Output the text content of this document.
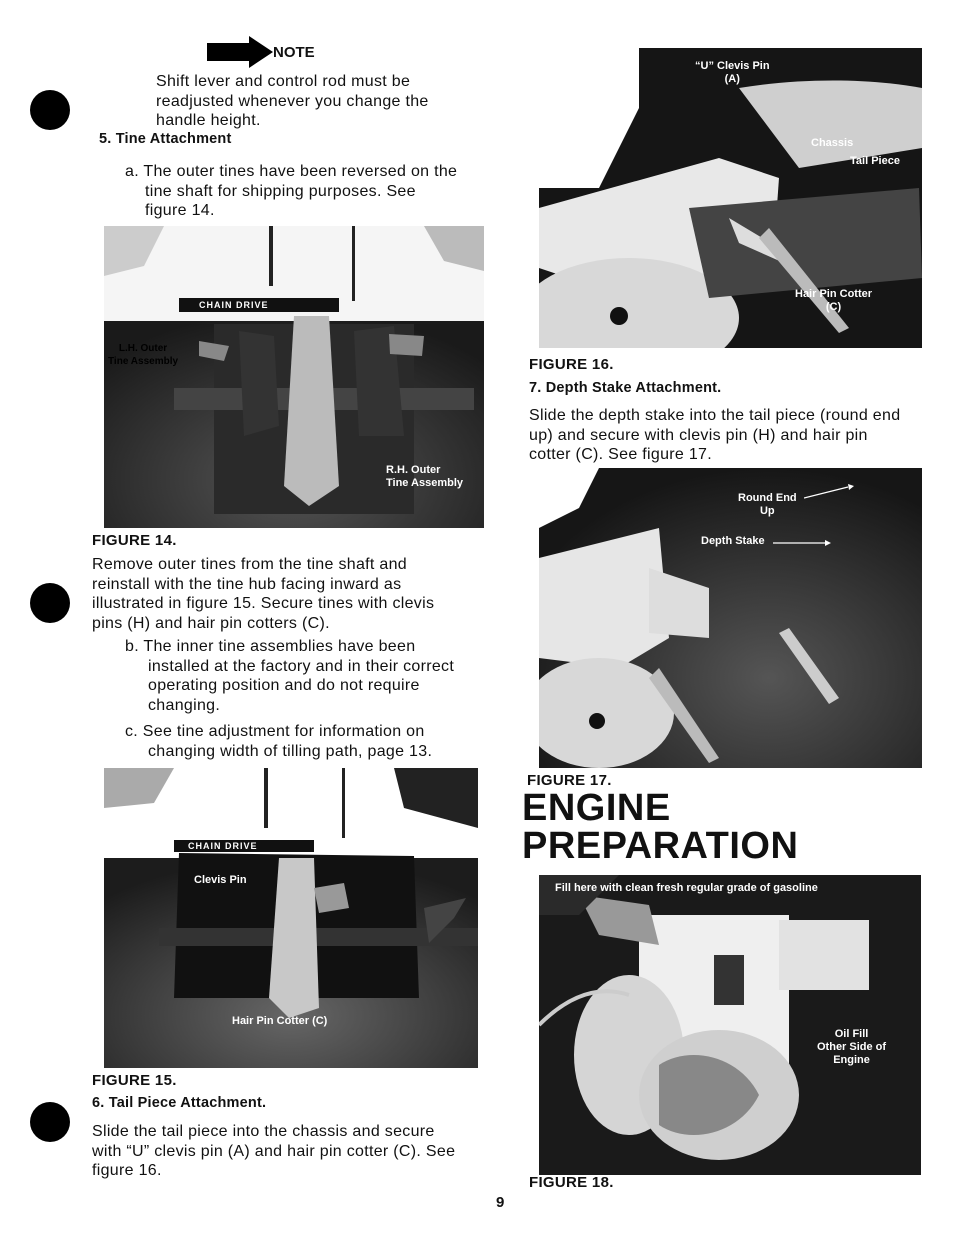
NOTE
Shift lever and control rod must be
readjusted whenever you change the
handle height.
5. Tine Attachment
a. The outer tines have been reversed on the
tine shaft for shipping purposes. See
figure 14.
CHAIN DRIVE
L.H. Outer
Tine Assembly
R.H. Outer
Tine Assembly
FIGURE 14.
Remove outer tines from the tine shaft and
reinstall with the tine hub facing inward as
illustrated in figure 15. Secure tines with clevis
pins (H) and hair pin cotters (C).
b. The inner tine assemblies have been
installed at the factory and in their correct
operating position and do not require
changing.
c. See tine adjustment for information on
changing width of tilling path, page 13.
CHAIN DRIVE
Clevis Pin
Hair Pin Cotter (C)
FIGURE 15.
6. Tail Piece Attachment.
Slide the tail piece into the chassis and secure
with “U” clevis pin (A) and hair pin cotter (C). See
figure 16.
“U” Clevis Pin
(A)
Chassis
Tail Piece
Hair Pin Cotter
(C)
FIGURE 16.
7. Depth Stake Attachment.
Slide the depth stake into the tail piece (round end
up) and secure with clevis pin (H) and hair pin
cotter (C). See figure 17.
Round End
Up
Depth Stake
FIGURE 17.
ENGINE
PREPARATION
Fill here with clean fresh regular grade of gasoline
Oil Fill
Other Side of
Engine
FIGURE 18.
9
